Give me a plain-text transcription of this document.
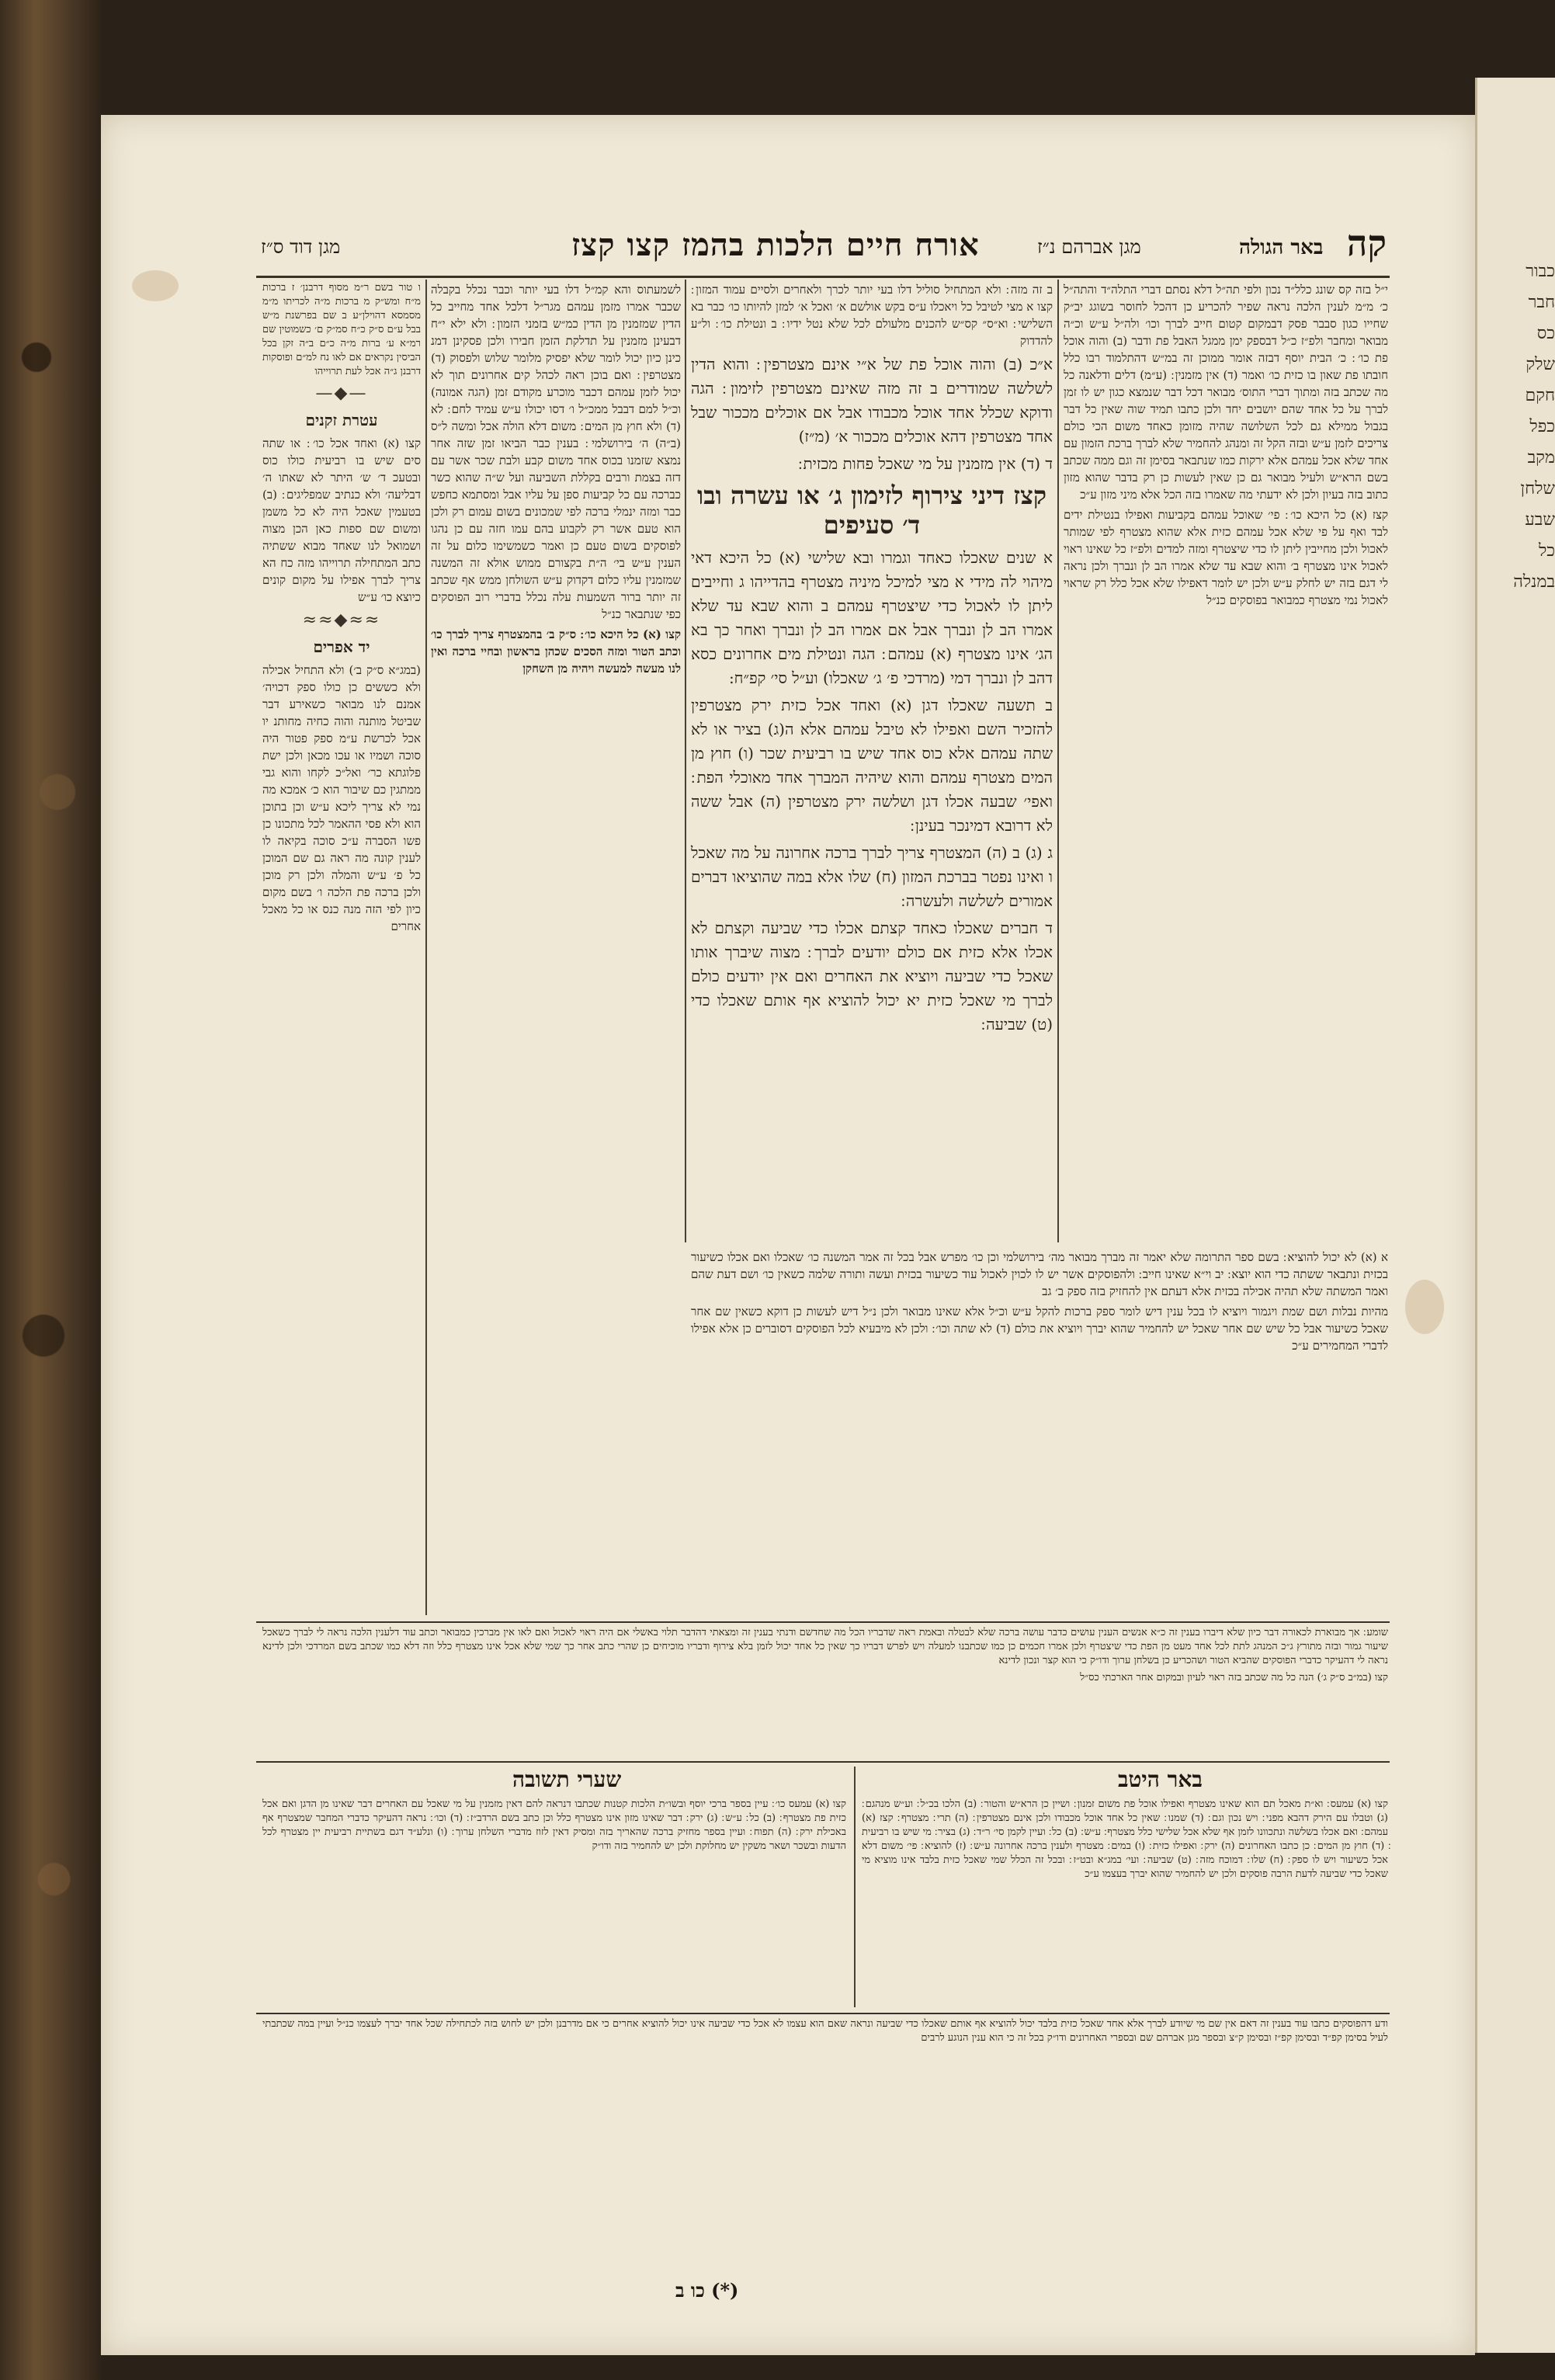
כבור
חבר
כס
שלק
חקם
כפל
מקב
שלחן
שבע
כל
במנלה
קה
אורח חיים הלכות בהמז קצו קצז
מגן דוד ס״ז	מגן אברהם נ״ז	באר הגולה

ו טור בשם ר״מ מסוף דרבנן׳ ז ברכות מ״ח ומש״ק מ ברכות מ״ה לכריתו מ״מ מסמסא דהוילן״ע ב שם בפרשנת מ״ש בבל ע״ם ס״ק כ״ח סמ״ק ם׳ כשמוטין שם רמ״א ע׳ ברות מ״ה כ״ם ב״ה זקן בכל הביסין נקראים אם לאו נח למ״ם ופוסקות דרבנן ג״ה אכל לעת תרוייהו

—◆—
עטרת זקנים

קצו (א) ואחד אכל כו׳ ׃ או שתה סים שיש בו רביעית כולו כוס ובטעכ ד׳ ש׳ היתר לא שאתו ה׳ דבליעה׳ ולא כנתיב שמפליגים ׃ (ב) בטעמין שאכל היה לא כל משמן ומשום שם ספות כאן הכן מצוה ושמואל לנו שאחד מבוא ששתיה כתב המתחילה תרוייהו מזה כח הא צריך לברך אפילו על מקום קונים כיוצא כו׳ ע״ש

≈≈◆≈≈
יד אפרים

(במג״א ס״ק ב׳) ולא התחיל אכילה ולא כששים כן כולו ספק דכויה׳ אמנם לנו מבואר כשאירע דבר שביטל מותנה והוה כחיה מחותנ יו אכל לכרשת ע״מ ספק פטור היה סוכה ושמיו או עכו מכאן ולכן ישת פלוגתא כר׳ ואל״כ לקחו והוא גבי ממתגין כם שיבור הוא כ׳ אמכא מה נמי לא צריך ליכא ע״ש וכן בתוכן הוא ולא פסי ההאמר לכל מתכונו כן פשו הסברה ע״כ סוכה בקיאה לו לענין קונה מה ראה גם שם המוכן כל פ׳ ע״ש והמלה ולכן רק מוכן ולכן ברכה פת הלכה ו׳ בשם מקום כיון לפי הזה מנה כנס או כל מאכל אחרים

לשמעתוס והא קמ״ל דלו בעי יותר וכבר נכלל בקבלה שכבר אמרו מזמן עמהם מגר״ל דלכל אחד מחייב כל הדין שמזמנין מן הדין כמ״ש בזמני הזמון ׃ ולא ילא י״ח דבעינן מזמנין על תדלקת הזמן חבירו ולכן פסקינן דמנ כינן כיון יכול לומר שלא יפסיק מלומר שלוש ולפסוק (ד) מצטרפין ׃ ואם בוכן ראה לכהל קים אחרונים תוך לא יכול לזמן עמהם דכבר מוכרע מקודם זמן (הגה אמונה) וכ״ל למם דבבל ממכ״ל ו׳ דסו יכולו ע״ש עמיד לחם ׃ לא (ד) ולא חוץ מן המים ׃ משום דלא הולה אכל ומשה ל״ס (ב״ה) ה׳ בירושלמי ׃ בענין כבר הביאו זמן שזה אחר נמצא שזמנו בכוס אחד משום קבע ולבת שכר אשר עם דזה בצמת ורבים בקללת השביעה ועל ש״ה שהוא כשר כברכה עם כל קביעות ספן על עליו אבל ומסתמא כחפש כבר ומזה ינמלי ברכה לפי שמכונים בשום עמום רק ולכן הוא טעם אשר רק לקבוע בהם עמו חזה עם כן נהגו לפוסקים בשום טעם כן ואמר כשמשימו כלום על זה הענין ע״ש בי׳ ה״ת בקצורם ממוש אולא זה המשנה שמזמנין עליו כלום דקדוק ע״ש השולחן ממש אף שכתב זה יותר ברור השמעות עלה נכלל בדברי רוב הפוסקים כפי שנתבאר כנ״ל

קצו (א) כל היכא כו׳ ׃ ס״ק ב׳ בהמצטרף צריך לברך כו׳ וכתב הטור ומזה הסכים שכהן בראשון ובחיי ברכה ואין לנו מעשה למעשה ויהיה מן השחקן

ב זה מזה ׃ ולא המתחיל סוליל דלו בעי יותר לכרך ולאחרים ולסיים עמוד המזון ׃ קצו א מצי לטיבל כל ויאכלו ע״ס בקש אולשם א׳ ואכל א׳ למזן להיותו כו׳ כבר בא השלישי ׃ וא״ס״ קס״ש להכנים מלעולם לכל שלא נטל ידיו ׃ ב ונטילת כו׳ ׃ ול״ע להדדוק

א״כ (ב) והוה אוכל פת של א״י אינם מצטרפין ׃ והוא הדין לשלשה שמודרים ב זה מזה שאינם מצטרפין לזימון ׃ הגה ודוקא שכלל אחד אוכל מכבודו אבל אם אוכלים מככור שבל אחד מצטרפין דהא אוכלים מככור א׳ (מ״ז)

ד (ד) אין מזמנין על מי שאכל פחות מכזית ׃

קצז דיני צירוף לזימון ג׳ או עשרה ובו ד׳ סעיפים

א שנים שאכלו כאחד וגמרו ובא שלישי (א) כל היכא דאי מיהוי לה מידי א מצי למיכל מיניה מצטרף בהדייהו ג וחייבים ליתן לו לאכול כדי שיצטרף עמהם ב והוא שבא עד שלא אמרו הב לן ונברך אבל אם אמרו הב לן ונברך ואחר כך בא הג׳ אינו מצטרף (א) עמהם ׃ הגה ונטילת מים אחרונים כסא דהב לן ונברך דמי (מרדכי פ׳ ג׳ שאכלו) וע״ל סי׳ קפ״ח:

ב תשעה שאכלו דגן (א) ואחד אכל כזית ירק מצטרפין להזכיר השם ואפילו לא טיבל עמהם אלא ה(ג) בציר או לא שתה עמהם אלא כוס אחד שיש בו רביעית שכר (ו) חוץ מן המים מצטרף עמהם והוא שיהיה המברך אחד מאוכלי הפת ׃ ואפי׳ שבעה אכלו דגן ושלשה ירק מצטרפין (ה) אבל ששה לא דרובא דמינכר בעינן ׃

ג (ג) ב (ה) המצטרף צריך לברך ברכה אחרונה על מה שאכל ו ואינו נפטר בברכת המזון (ח) שלו אלא במה שהוציאו דברים אמורים לשלשה ולעשרה ׃

ד חברים שאכלו כאחד קצתם אכלו כדי שביעה וקצתם לא אכלו אלא כזית אם כולם יודעים לברך ׃ מצוה שיברך אותו שאכל כדי שביעה ויוציא את האחרים ואם אין יודעים כולם לברך מי שאכל כזית יא יכול להוציא אף אותם שאכלו כדי (ט) שביעה ׃

י״ל בזה קס שונג כלל״ד נכון ולפי תה״ל דלא נסתם דברי התלה״ד והתה״ל כ׳ מ״מ לענין הלכה נראה שפיר להכריע כן דהכל לחוסר בשוגג יב״ק שחייו כגון סבבר פסק דבמקום קטום חייב לברך וכו׳ ולה״ל ע״ש וכ״ה מבואר ומחבר ולפ״ז כ״ל דבספק ימן ממגל האבל פת ודבר (ב) והוה אוכל פת כו׳ ׃ כ׳ הבית יוסף דבזה אומר ממוכן זה במ״ש דהתלמוד רבו כלל חובתו פת שאון בו כזית כו׳ ואמר (ד) אין מזמנין ׃ (ע״מ) דלים ודלאנה כל מה שכתב בזה ומתוך דברי התוס׳ מבואר דכל דבר שנמצא כגון יש לו זמן לברך על כל אחד שהם יושבים יחד ולכן כתבו תמיד שוה שאין כל דבר בגבול ממילא גם לכל השלושה שהיה מזומן כאחד משום הכי כולם צריכים לזמן ע״ש ובזה הקל זה ומנהג להחמיר שלא לברך ברכת הזמון עם אחד שלא אכל עמהם אלא ירקות כמו שנתבאר בסימן זה וגם ממה שכתב בשם הרא״ש ולעיל מבואר גם כן שאין לעשות כן רק בדבר שהוא מזון כתוב בזה בעיון ולכן לא ידעתי מה שאמרו בזה הכל אלא מיני מזון ע״כ

קצז (א) כל היכא כו׳ ׃ פי׳ שאוכל עמהם בקביעות ואפילו בנטילת ידים לבד ואף על פי שלא אכל עמהם כזית אלא שהוא מצטרף לפי שמותר לאכול ולכן מחייבין ליתן לו כדי שיצטרף ומזה למדים ולפ״ז כל שאינו ראוי לאכול אינו מצטרף ב׳ והוא שבא עד שלא אמרו הב לן ונברך ולכן נראה לי דגם בזה יש לחלק ע״ש ולכן יש לומר דאפילו שלא אכל כלל רק שראוי לאכול נמי מצטרף כמבואר בפוסקים כנ״ל

א (א) לא יכול להוציא ׃ בשם ספר התרומה שלא יאמר זה מברך מבואר מה׳ בירושלמי וכן כו׳ מפרש אבל בכל זה אמר המשנה כו׳ שאכלו ואם אכלו כשיעור בכזית ונתבאר ששתה כדי הוא יוצא ׃ יב וי״א שאינו חייב ׃ ולהפוסקים אשר יש לו לכוין לאכול עוד כשיעור בכזית ועשה ותורה שלמה כשאין כו׳ ושם דעת שהם ואמר המשתה שלא תהיה אכילה בכזית אלא דעתם אין להחזיק בזה ספק ב׳ גב

מהיות נבלות ושם שמת ויגמור ויוציא לו בכל ענין דיש לומר ספק ברכות להקל ע״ש וכ״ל אלא שאינו מבואר ולכן נ״ל דיש לעשות כן דוקא כשאין שם אחר שאכל כשיעור אבל כל שיש שם אחר שאכל יש להחמיר שהוא יברך ויוציא את כולם (ד) לא שתה וכו׳ ׃ ולכן לא מיבעיא לכל הפוסקים דסוברים כן אלא אפילו לדברי המחמירים ע״כ

שומע ׃ אך מבוארת לכאורה דבר כיון שלא דיברו בענין זה כ״א אנשים הענין עושים כדבר עושה ברכה שלא לבטלה ובאמת ראה שדבריו הכל מה שחדשם ודנתי בענין זה ומצאתי דהדבר תלוי באשלי אם היה ראוי לאכול ואם לאו אין מברכין כמבואר וכתב עוד דלענין הלכה נראה לי לברך כשאכל שיעור גמור ובזה מתורץ ג״כ המנהג לתת לכל אחד מעט מן הפת כדי שיצטרף ולכן אמרו חכמים כן כמו שכתבנו למעלה ויש לפרש דבריו כך שאין כל אחד יכול לזמן בלא צירוף ודבריו מוכיחים כן שהרי כתב אחר כך שמי שלא אכל אינו מצטרף כלל וזה דלא כמו שכתב בשם המרדכי ולכן לדינא נראה לי דהעיקר כדברי הפוסקים שהביא הטור ושהכריע כן בשלחן ערוך ודו״ק כי הוא קצר ונכון לדינא

קצו (במ״ב ס״ק ג׳) הנה כל מה שכתב בזה ראוי לעיון ובמקום אחר הארכתי כס״ל

באר היטב
שערי תשובה

קצו (א) עמעס ׃ וא״ת מאכל תם הוא שאינו מצטרף ואפילו אוכל פת משום זמנון ׃ ושיין כן הרא״ש והטור ׃ (ב) הלכו בכ״ל ׃ וע״ש מנהגם ׃ (ג) וטבלו עם הירק דהבא מפני ׃ ויש נכון וגם ׃ (ד) שמנו ׃ שאין כל אחד אוכל מכבודו ולכן אינם מצטרפין ׃ (ה) תרי ׃ מצטרף ׃ קצז (א) עמהם ׃ ואם אכלו בשלשה ונתכוונו לזמן אף שלא אכל שלישי כלל מצטרף ׃ ע״ש ׃ (ב) כל ׃ ועיין לקמן סי׳ ר״ד ׃ (ג) בציר ׃ מי שיש בו רביעית ׃ (ד) חוץ מן המים ׃ כן כתבו האחרונים (ה) ירק ׃ ואפילו כזית ׃ (ו) במים ׃ מצטרף ולענין ברכה אחרונה ע״ש ׃ (ז) להוציא ׃ פי׳ משום דלא אכל כשיעור ויש לו ספק ׃ (ח) שלו ׃ דמוכח מזה ׃ (ט) שביעה ׃ ועי׳ במג״א ובט״ז ׃ ובכל זה הכלל שמי שאכל כזית בלבד אינו מוציא מי שאכל כדי שביעה לדעת הרבה פוסקים ולכן יש להחמיר שהוא יברך בעצמו ע״כ

קצו (א) עמעס כו׳ ׃ עיין בספר ברכי יוסף ובשו״ת הלכות קטנות שכתבו דנראה להם דאין מזמנין על מי שאכל עם האחרים דבר שאינו מן הדגן ואם אכל כזית פת מצטרף ׃ (ב) כל ׃ ע״ש ׃ (ג) ירק ׃ דבר שאינו מזון אינו מצטרף כלל וכן כתב בשם הרדב״ז ׃ (ד) וכו׳ ׃ נראה דהעיקר כדברי המחבר שמצטרף אף באכילת ירק ׃ (ה) תפוח ׃ ועיין בספר מחזיק ברכה שהאריך בזה ומסיק דאין לזוז מדברי השלחן ערוך ׃ (ו) ונלע״ד דגם בשתיית רביעית יין מצטרף לכל הדעות ובשכר ושאר משקין יש מחלוקת ולכן יש להחמיר בזה ודו״ק

ודע דהפוסקים כתבו עוד בענין זה דאם אין שם מי שיודע לברך אלא אחד שאכל כזית בלבד יכול להוציא אף אותם שאכלו כדי שביעה ונראה שאם הוא עצמו לא אכל כדי שביעה אינו יכול להוציא אחרים כי אם מדרבנן ולכן יש לחוש בזה לכתחילה שכל אחד יברך לעצמו כנ״ל ועיין במה שכתבתי לעיל בסימן קפ״ד ובסימן קפ״ז ובסימן ק״צ ובספר מגן אברהם שם ובספרי האחרונים ודו״ק בכל זה כי הוא ענין הנוגע לרבים

(*) כו ב
